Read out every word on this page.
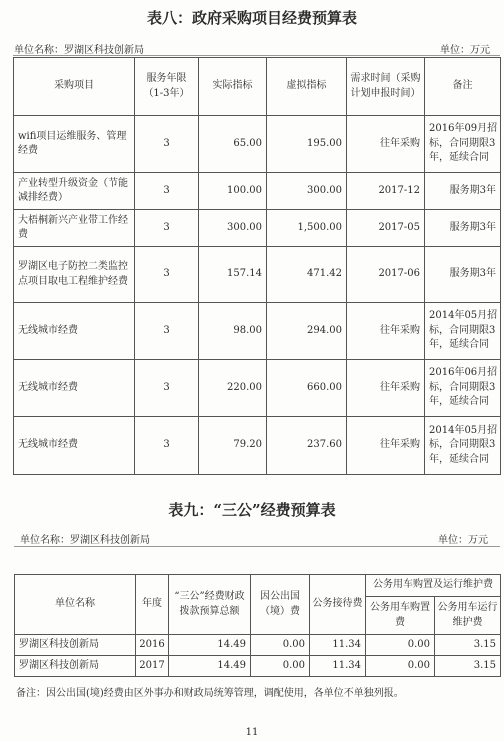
表八：政府采购项目经费预算表
单位名称：罗湖区科技创新局	单位：万元
采购项目	服务年限（1-3年）	实际指标	虚拟指标	需求时间（采购计划申报时间）	备注
wifi项目运维服务、管理经费	3	65.00	195.00	往年采购	2016年09月招标，合同期限3年，延续合同
产业转型升级资金（节能减排经费）	3	100.00	300.00	2017-12	服务期3年
大梧桐新兴产业带工作经费	3	300.00	1,500.00	2017-05	服务期3年
罗湖区电子防控二类监控点项目取电工程维护经费	3	157.14	471.42	2017-06	服务期3年
无线城市经费	3	98.00	294.00	往年采购	2014年05月招标，合同期限3年，延续合同
无线城市经费	3	220.00	660.00	往年采购	2016年06月招标，合同期限3年，延续合同
无线城市经费	3	79.20	237.60	往年采购	2014年05月招标，合同期限3年，延续合同
表九：“三公”经费预算表
单位名称：罗湖区科技创新局	单位：万元
单位名称	年度	“三公”经费财政拨款预算总额	因公出国（境）费	公务接待费	公务用车购置及运行维护费	
					公务用车购置费	公务用车运行维护费
罗湖区科技创新局	2016	14.49	0.00	11.34	0.00	3.15
罗湖区科技创新局	2017	14.49	0.00	11.34	0.00	3.15
备注：因公出国(境)经费由区外事办和财政局统筹管理，调配使用，各单位不单独列报。
11
